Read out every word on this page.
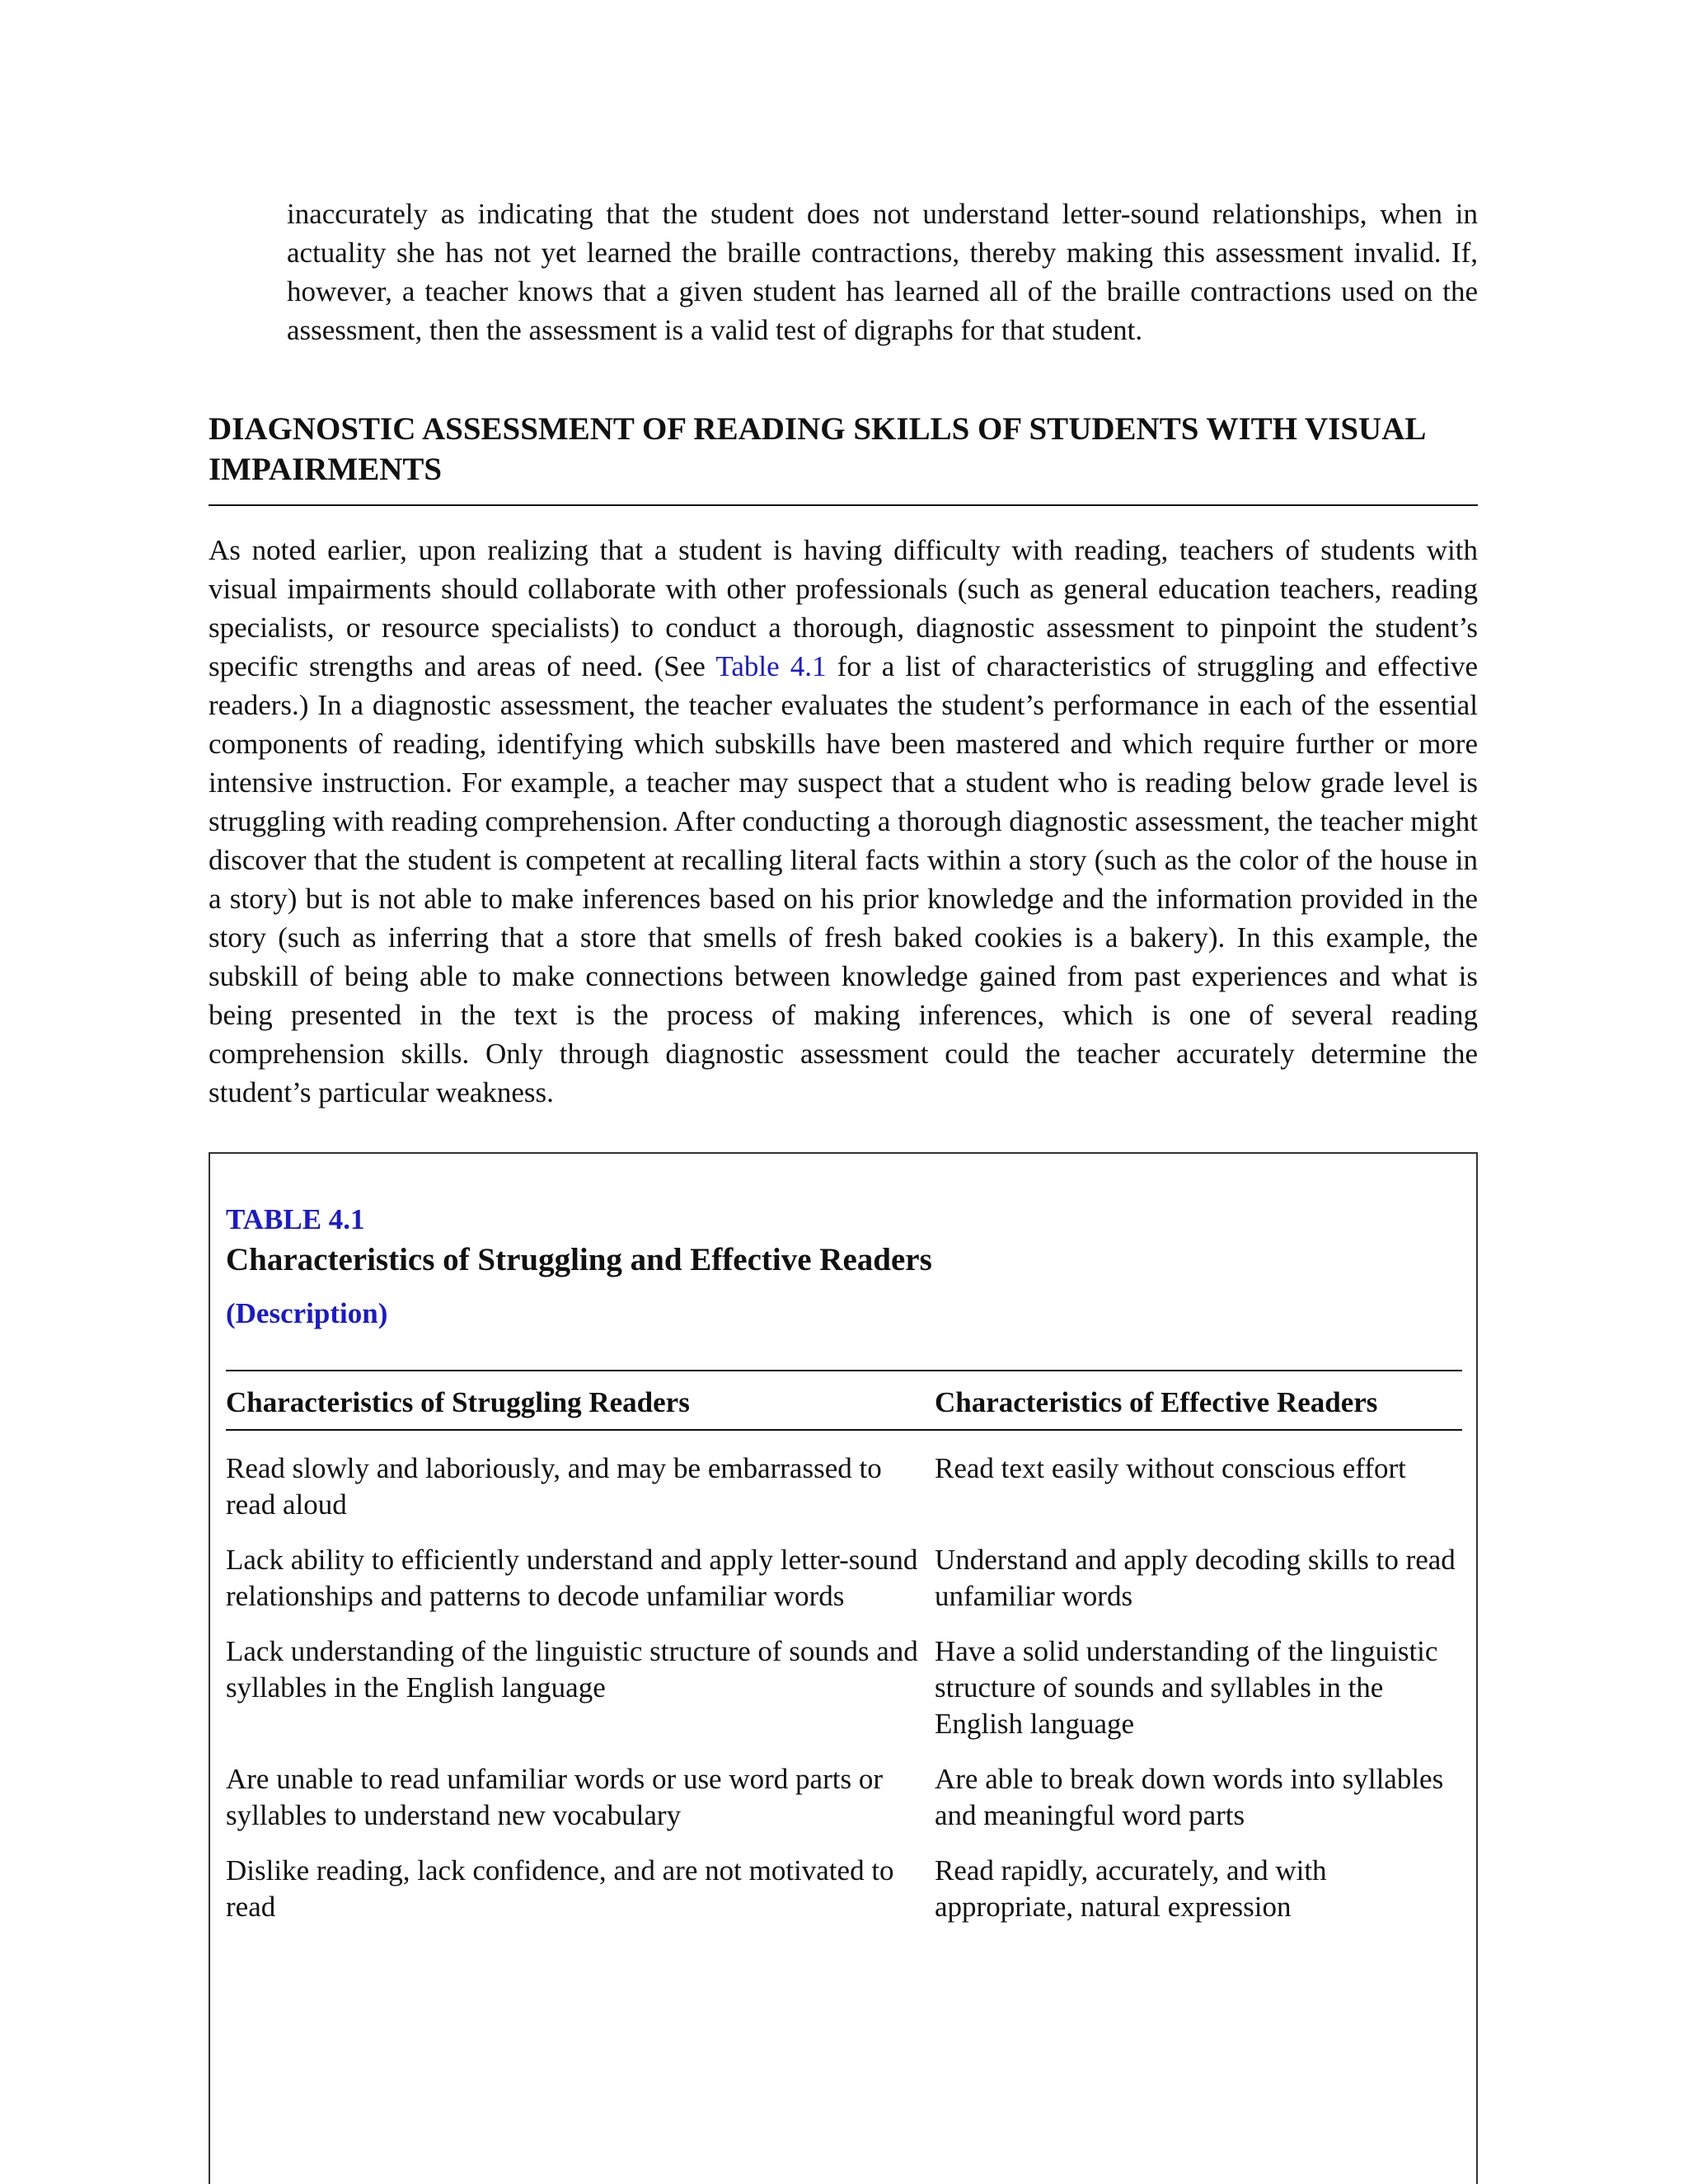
inaccurately as indicating that the student does not understand letter-sound relationships, when in actuality she has not yet learned the braille contractions, thereby making this assessment invalid. If, however, a teacher knows that a given student has learned all of the braille contractions used on the assessment, then the assessment is a valid test of digraphs for that student.

DIAGNOSTIC ASSESSMENT OF READING SKILLS OF STUDENTS WITH VISUAL IMPAIRMENTS

As noted earlier, upon realizing that a student is having difficulty with reading, teachers of students with visual impairments should collaborate with other professionals (such as general education teachers, reading specialists, or resource specialists) to conduct a thorough, diagnostic assessment to pinpoint the student’s specific strengths and areas of need. (See Table 4.1 for a list of characteristics of struggling and effective readers.) In a diagnostic assessment, the teacher evaluates the student’s performance in each of the essential components of reading, identifying which subskills have been mastered and which require further or more intensive instruction. For example, a teacher may suspect that a student who is reading below grade level is struggling with reading comprehension. After conducting a thorough diagnostic assessment, the teacher might discover that the student is competent at recalling literal facts within a story (such as the color of the house in a story) but is not able to make inferences based on his prior knowledge and the information provided in the story (such as inferring that a store that smells of fresh baked cookies is a bakery). In this example, the subskill of being able to make connections between knowledge gained from past experiences and what is being presented in the text is the process of making inferences, which is one of several reading comprehension skills. Only through diagnostic assessment could the teacher accurately determine the student’s particular weakness.

TABLE 4.1
Characteristics of Struggling and Effective Readers
(Description)
Characteristics of Struggling Readers	Characteristics of Effective Readers
Read slowly and laboriously, and may be embarrassed to read aloud	Read text easily without conscious effort
Lack ability to efficiently understand and apply letter-sound relationships and patterns to decode unfamiliar words	Understand and apply decoding skills to read unfamiliar words
Lack understanding of the linguistic structure of sounds and syllables in the English language	Have a solid understanding of the linguistic structure of sounds and syllables in the English language
Are unable to read unfamiliar words or use word parts or syllables to understand new vocabulary	Are able to break down words into syllables and meaningful word parts
Dislike reading, lack confidence, and are not motivated to read	Read rapidly, accurately, and with appropriate, natural expression
